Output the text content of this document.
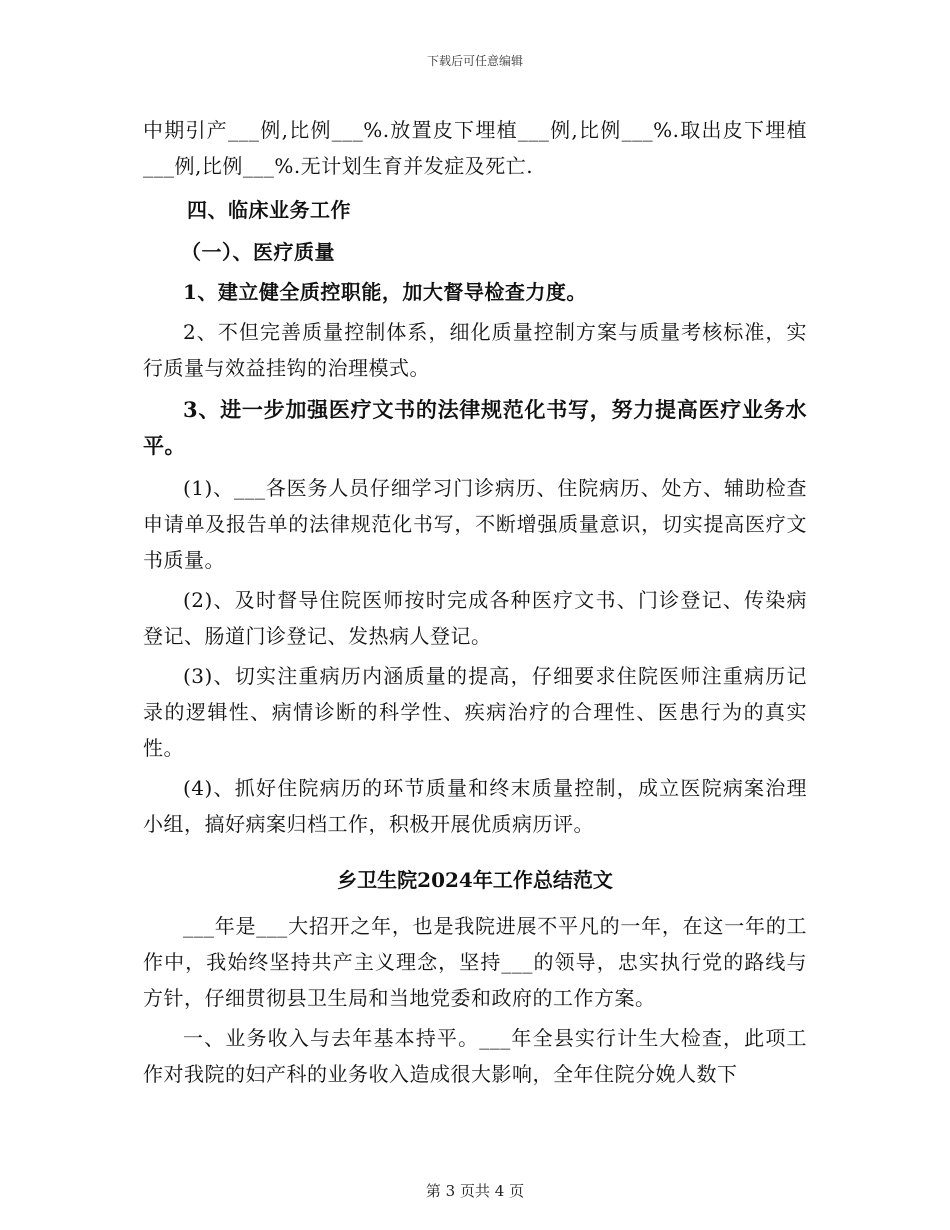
下载后可任意编辑

中期引产___例,比例___%.放置皮下埋植___例,比例___%.取出皮下埋植___例,比例___%.无计划生育并发症及死亡.

四、临床业务工作

（一）、医疗质量

1、建立健全质控职能，加大督导检查力度。

2、不但完善质量控制体系，细化质量控制方案与质量考核标准，实行质量与效益挂钩的治理模式。

3、进一步加强医疗文书的法律规范化书写，努力提高医疗业务水平。

(1)、___各医务人员仔细学习门诊病历、住院病历、处方、辅助检查申请单及报告单的法律规范化书写，不断增强质量意识，切实提高医疗文书质量。

(2)、及时督导住院医师按时完成各种医疗文书、门诊登记、传染病登记、肠道门诊登记、发热病人登记。

(3)、切实注重病历内涵质量的提高，仔细要求住院医师注重病历记录的逻辑性、病情诊断的科学性、疾病治疗的合理性、医患行为的真实性。

(4)、抓好住院病历的环节质量和终末质量控制，成立医院病案治理小组，搞好病案归档工作，积极开展优质病历评。

乡卫生院2024年工作总结范文

___年是___大招开之年，也是我院进展不平凡的一年，在这一年的工作中，我始终坚持共产主义理念，坚持___的领导，忠实执行党的路线与方针，仔细贯彻县卫生局和当地党委和政府的工作方案。

一、业务收入与去年基本持平。___年全县实行计生大检查，此项工作对我院的妇产科的业务收入造成很大影响，全年住院分娩人数下

第 3 页共 4 页
